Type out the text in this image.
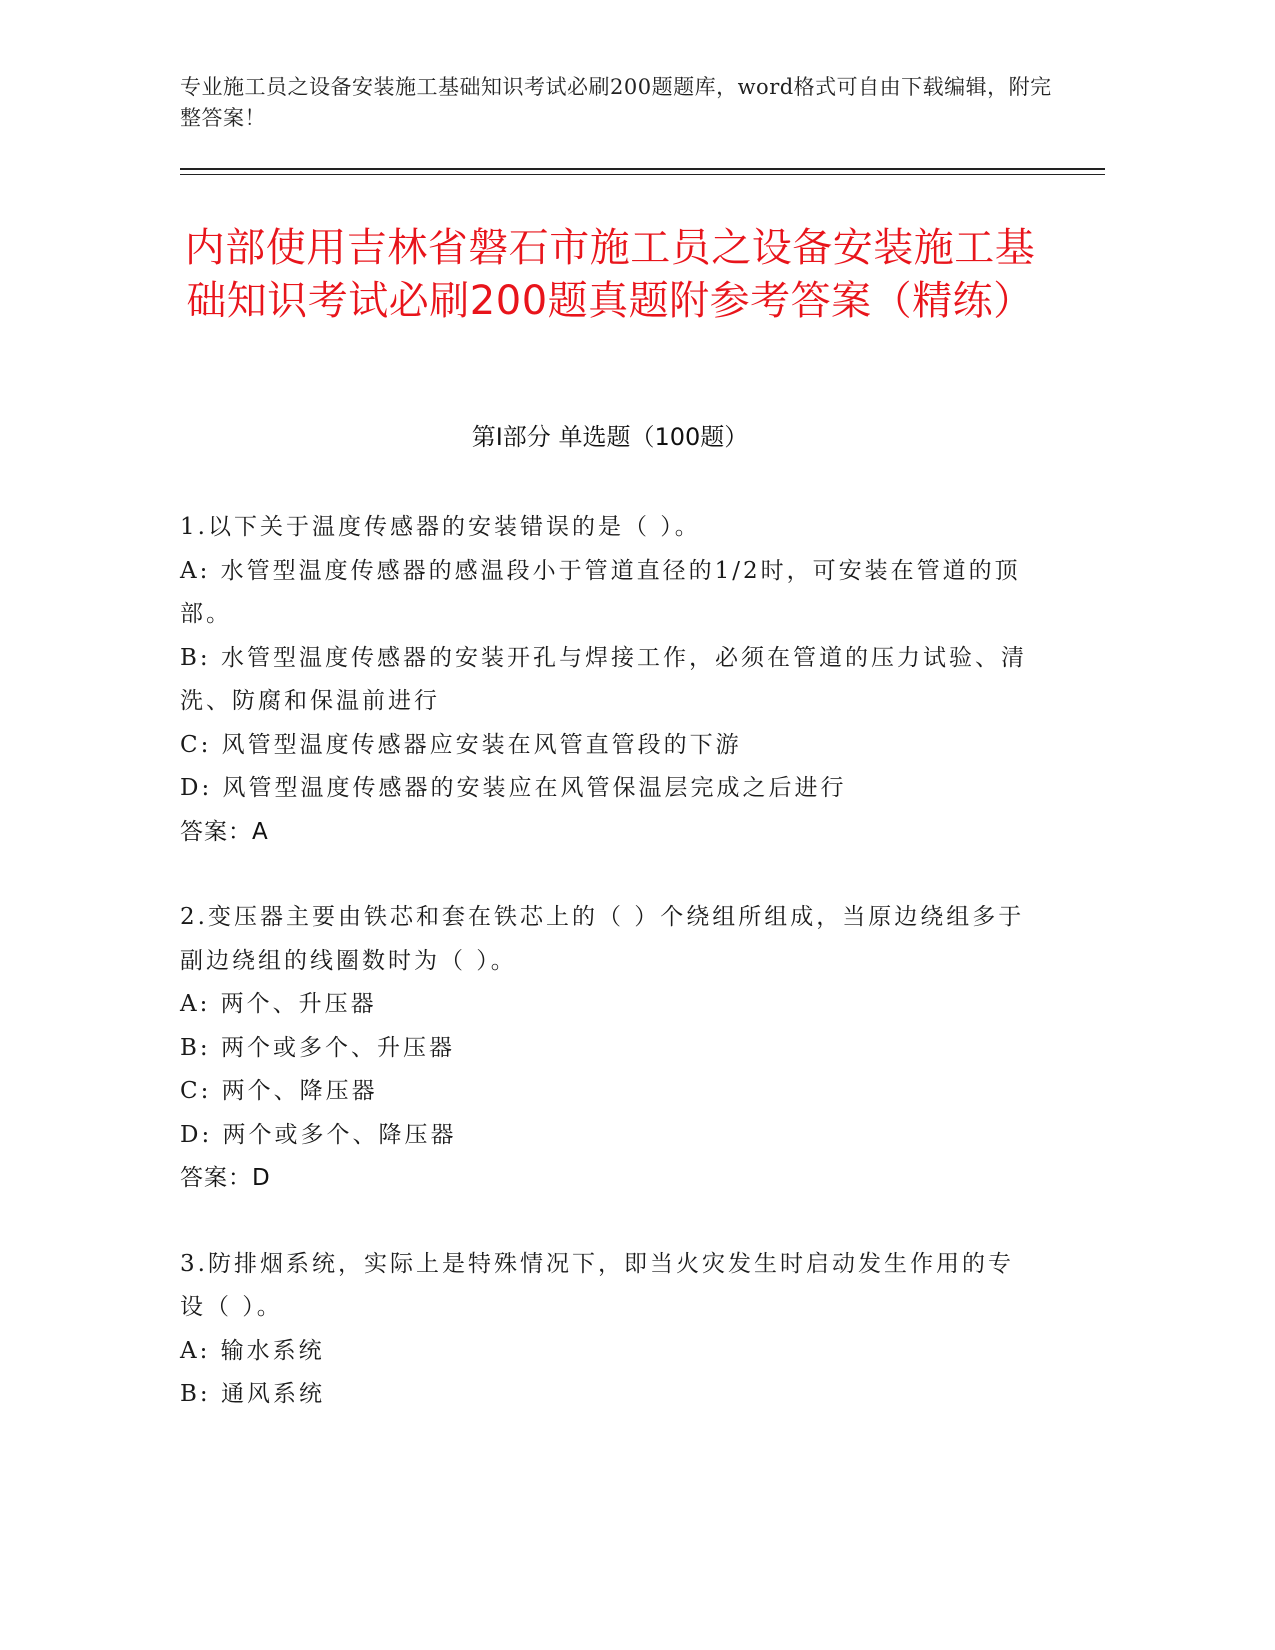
专业施工员之设备安装施工基础知识考试必刷200题题库，word格式可自由下载编辑，附完整答案！
内部使用吉林省磐石市施工员之设备安装施工基础知识考试必刷200题真题附参考答案（精练）
第Ⅰ部分 单选题（100题）
1.以下关于温度传感器的安装错误的是（ ）。
A: 水管型温度传感器的感温段小于管道直径的1/2时，可安装在管道的顶部。
B: 水管型温度传感器的安装开孔与焊接工作，必须在管道的压力试验、清洗、防腐和保温前进行
C: 风管型温度传感器应安装在风管直管段的下游
D: 风管型温度传感器的安装应在风管保温层完成之后进行
答案：A
2.变压器主要由铁芯和套在铁芯上的（ ）个绕组所组成，当原边绕组多于副边绕组的线圈数时为（ ）。
A: 两个、升压器
B: 两个或多个、升压器
C: 两个、降压器
D: 两个或多个、降压器
答案：D
3.防排烟系统，实际上是特殊情况下，即当火灾发生时启动发生作用的专设（ ）。
A: 输水系统
B: 通风系统
